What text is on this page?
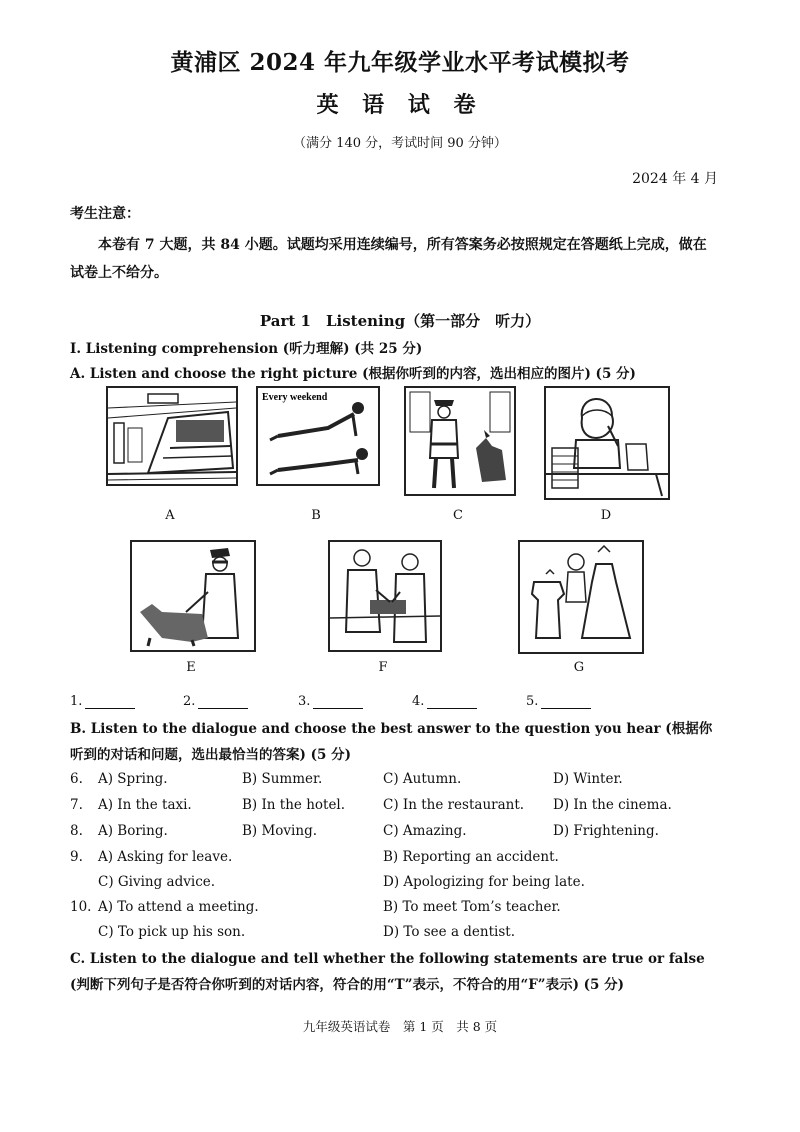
黄浦区 2024 年九年级学业水平考试模拟考
英 语 试 卷
（满分 140 分，考试时间 90 分钟）
2024 年 4 月
考生注意：
本卷有 7 大题，共 84 小题。试题均采用连续编号，所有答案务必按照规定在答题纸上完成，做在试卷上不给分。
Part 1　Listening（第一部分　听力）
I. Listening comprehension (听力理解) (共 25 分)
A. Listen and choose the right picture (根据你听到的内容，选出相应的图片) (5 分)
Every weekend
A	B	C	D
E	F	G
1.	2.	3.	4.	5.
B. Listen to the dialogue and choose the best answer to the question you hear (根据你听到的对话和问题，选出最恰当的答案) (5 分)
6. A) Spring.	B) Summer.	C) Autumn.	D) Winter.
7. A) In the taxi.	B) In the hotel.	C) In the restaurant. D) In the cinema.
8. A) Boring.	B) Moving.	C) Amazing.	D) Frightening.
9. A) Asking for leave.	B) Reporting an accident.
C) Giving advice.	D) Apologizing for being late.
10. A) To attend a meeting.	B) To meet Tom’s teacher.
C) To pick up his son.	D) To see a dentist.
C. Listen to the dialogue and tell whether the following statements are true or false (判断下列句子是否符合你听到的对话内容，符合的用“T”表示，不符合的用“F”表示) (5 分)
九年级英语试卷　第 1 页　共 8 页
